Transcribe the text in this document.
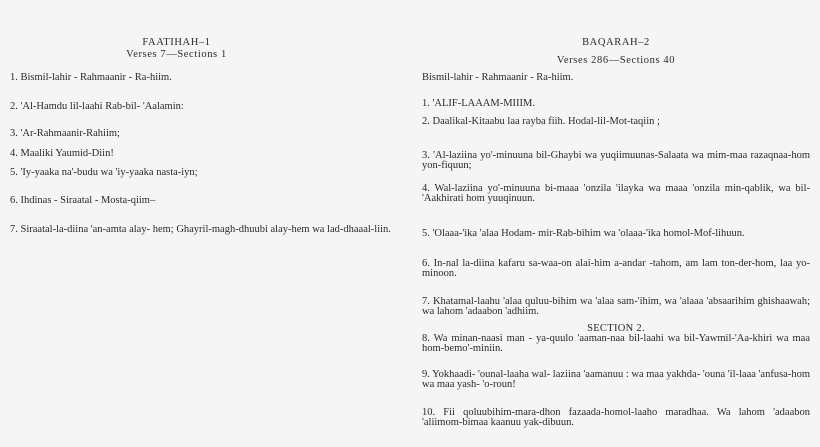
FAATIHAH–1
Verses 7—Sections 1
1. Bismil-lahir - Rahmaanir - Ra-hiim.
2. 'Al-Hamdu lil-laahi Rab-bil- 'Aalamin:
3. 'Ar-Rahmaanir-Rahiim;
4. Maaliki Yaumid-Diin!
5. 'Iy-yaaka na'-budu wa 'iy-yaaka nasta-iyn;
6. Ihdinas - Siraatal - Mosta-qiim–
7. Siraatal-la-diina 'an-amta alay- hem; Ghayril-magh-dhuubi alay-hem wa lad-dhaaal-liin.
BAQARAH–2
Verses 286—Sections 40
Bismil-lahir - Rahmaanir - Ra-hiim.
1. 'ALIF-LAAAM-MIIIM.
2. Daalikal-Kitaabu laa rayba fiih. Hodal-lil-Mot-taqiin ;
3. 'Al-laziina yo'-minuuna bil-Ghaybi wa yuqiimuunas-Salaata wa mim-maa razaqnaa-hom yon-fiquun;
4. Wal-laziina yo'-minuuna bi-maaa 'onzila 'ilayka wa maaa 'onzila min-qablik, wa bil- 'Aakhirati hom yuuqinuun.
5. 'Olaaa-'ika 'alaa Hodam- mir-Rab-bihim wa 'olaaa-'ika homol-Mof-lihuun.
6. In-nal la-diina kafaru sa-waa-on alai-him a-andar -tahom, am lam ton-der-hom, laa yo-minoon.
7. Khatamal-laahu 'alaa quluu-bihim wa 'alaa sam-'ihim, wa 'alaaa 'absaarihim ghishaawah; wa lahom 'adaabon 'adhiim.
SECTION 2.
8. Wa minan-naasi man - ya-quulo 'aaman-naa bil-laahi wa bil-Yawmil-'Aa-khiri wa maa hom-bemo'-miniin.
9. Yokhaadi- 'ounal-laaha wal- laziina 'aamanuu : wa maa yakhda- 'ouna 'il-laaa 'anfusa-hom wa maa yash- 'o-roun!
10. Fii qoluubihim-mara-dhon fazaada-homol-laaho maradhaa. Wa lahom 'adaabon 'aliimom-bimaa kaanuu yak-dibuun.
